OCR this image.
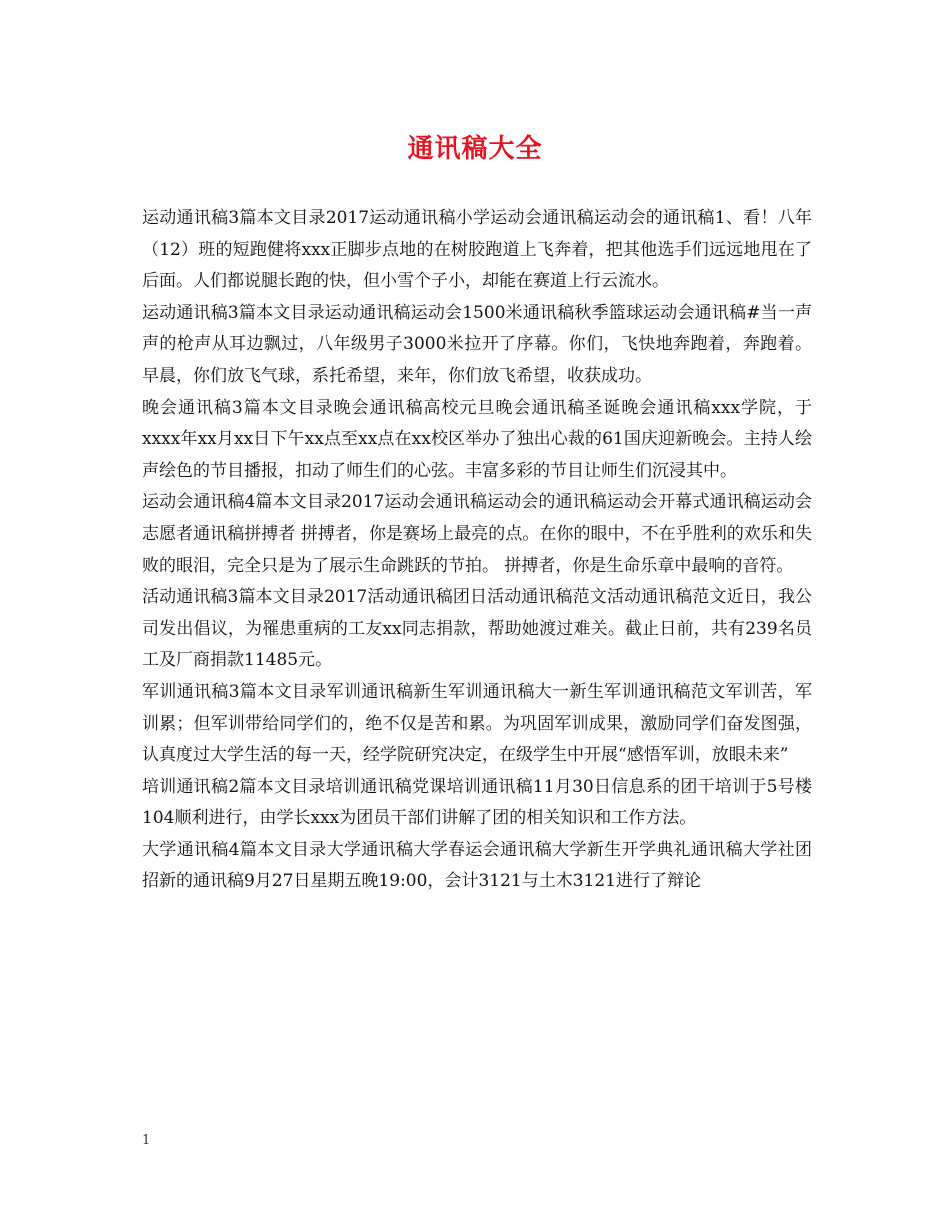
通讯稿大全

运动通讯稿3篇本文目录2017运动通讯稿小学运动会通讯稿运动会的通讯稿1、看！八年（12）班的短跑健将xxx正脚步点地的在树胶跑道上飞奔着，把其他选手们远远地甩在了后面。人们都说腿长跑的快，但小雪个子小，却能在赛道上行云流水。

运动通讯稿3篇本文目录运动通讯稿运动会1500米通讯稿秋季篮球运动会通讯稿#当一声声的枪声从耳边飘过，八年级男子3000米拉开了序幕。你们，飞快地奔跑着，奔跑着。早晨，你们放飞气球，系托希望，来年，你们放飞希望，收获成功。

晚会通讯稿3篇本文目录晚会通讯稿高校元旦晚会通讯稿圣诞晚会通讯稿xxx学院，于xxxx年xx月xx日下午xx点至xx点在xx校区举办了独出心裁的61国庆迎新晚会。主持人绘声绘色的节目播报，扣动了师生们的心弦。丰富多彩的节目让师生们沉浸其中。

运动会通讯稿4篇本文目录2017运动会通讯稿运动会的通讯稿运动会开幕式通讯稿运动会志愿者通讯稿拼搏者 拼搏者，你是赛场上最亮的点。在你的眼中，不在乎胜利的欢乐和失败的眼泪，完全只是为了展示生命跳跃的节拍。 拼搏者，你是生命乐章中最响的音符。

活动通讯稿3篇本文目录2017活动通讯稿团日活动通讯稿范文活动通讯稿范文近日，我公司发出倡议，为罹患重病的工友xx同志捐款，帮助她渡过难关。截止日前，共有239名员工及厂商捐款11485元。

军训通讯稿3篇本文目录军训通讯稿新生军训通讯稿大一新生军训通讯稿范文军训苦，军训累；但军训带给同学们的，绝不仅是苦和累。为巩固军训成果，激励同学们奋发图强，认真度过大学生活的每一天，经学院研究决定，在级学生中开展“感悟军训，放眼未来”

培训通讯稿2篇本文目录培训通讯稿党课培训通讯稿11月30日信息系的团干培训于5号楼104顺利进行，由学长xxx为团员干部们讲解了团的相关知识和工作方法。

大学通讯稿4篇本文目录大学通讯稿大学春运会通讯稿大学新生开学典礼通讯稿大学社团招新的通讯稿9月27日星期五晚19:00，会计3121与土木3121进行了辩论

1
